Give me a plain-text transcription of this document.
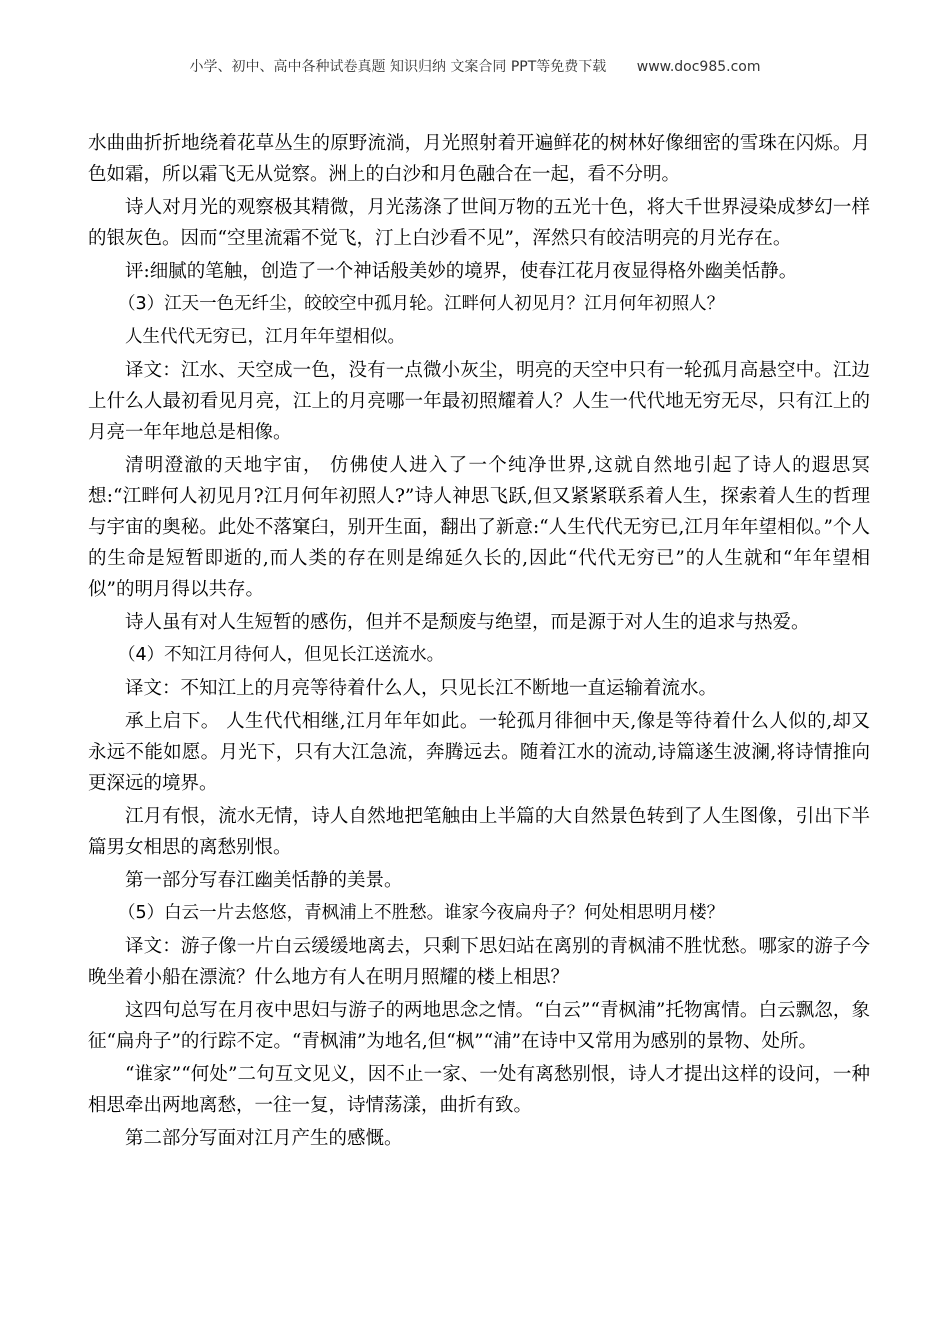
小学、初中、高中各种试卷真题 知识归纳 文案合同 PPT等免费下载 www.doc985.com

水曲曲折折地绕着花草丛生的原野流淌，月光照射着开遍鲜花的树林好像细密的雪珠在闪烁。月色如霜，所以霜飞无从觉察。洲上的白沙和月色融合在一起，看不分明。

诗人对月光的观察极其精微，月光荡涤了世间万物的五光十色，将大千世界浸染成梦幻一样的银灰色。因而“空里流霜不觉飞，汀上白沙看不见”，浑然只有皎洁明亮的月光存在。

评:细腻的笔触，创造了一个神话般美妙的境界，使春江花月夜显得格外幽美恬静。

（3）江天一色无纤尘，皎皎空中孤月轮。江畔何人初见月？江月何年初照人？

人生代代无穷已，江月年年望相似。

译文：江水、天空成一色，没有一点微小灰尘，明亮的天空中只有一轮孤月高悬空中。江边上什么人最初看见月亮，江上的月亮哪一年最初照耀着人？人生一代代地无穷无尽，只有江上的月亮一年年地总是相像。

清明澄澈的天地宇宙， 仿佛使人进入了一个纯净世界,这就自然地引起了诗人的遐思冥想:“江畔何人初见月?江月何年初照人?”诗人神思飞跃,但又紧紧联系着人生，探索着人生的哲理与宇宙的奥秘。此处不落窠臼，别开生面，翻出了新意:“人生代代无穷已,江月年年望相似。”个人的生命是短暂即逝的,而人类的存在则是绵延久长的,因此“代代无穷已”的人生就和“年年望相似”的明月得以共存。

诗人虽有对人生短暂的感伤，但并不是颓废与绝望，而是源于对人生的追求与热爱。

（4）不知江月待何人，但见长江送流水。

译文：不知江上的月亮等待着什么人，只见长江不断地一直运输着流水。

承上启下。 人生代代相继,江月年年如此。一轮孤月徘徊中天,像是等待着什么人似的,却又永远不能如愿。月光下，只有大江急流，奔腾远去。随着江水的流动,诗篇遂生波澜,将诗情推向更深远的境界。

江月有恨，流水无情，诗人自然地把笔触由上半篇的大自然景色转到了人生图像，引出下半篇男女相思的离愁别恨。

第一部分写春江幽美恬静的美景。

（5）白云一片去悠悠，青枫浦上不胜愁。谁家今夜扁舟子？何处相思明月楼？

译文：游子像一片白云缓缓地离去，只剩下思妇站在离别的青枫浦不胜忧愁。哪家的游子今晚坐着小船在漂流？什么地方有人在明月照耀的楼上相思？

这四句总写在月夜中思妇与游子的两地思念之情。“白云”“青枫浦”托物寓情。白云飘忽，象征“扁舟子”的行踪不定。“青枫浦”为地名,但“枫”“浦”在诗中又常用为感别的景物、处所。

“谁家”“何处”二句互文见义，因不止一家、一处有离愁别恨，诗人才提出这样的设问，一种相思牵出两地离愁，一往一复，诗情荡漾，曲折有致。

第二部分写面对江月产生的感慨。
